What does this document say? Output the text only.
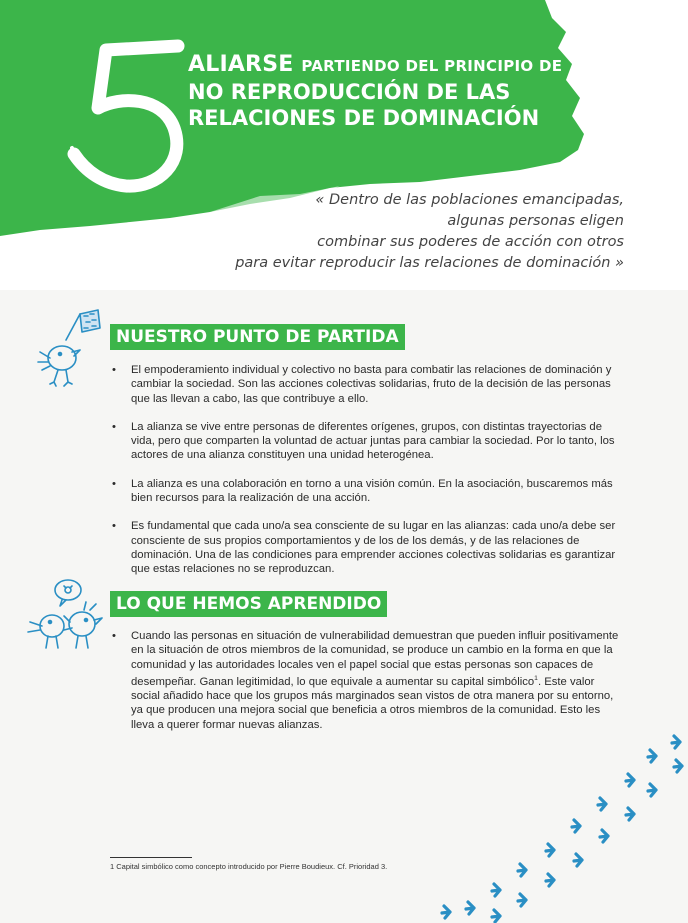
ALIARSE PARTIENDO DEL PRINCIPIO DE
NO REPRODUCCIÓN DE LAS
RELACIONES DE DOMINACIÓN
« Dentro de las poblaciones emancipadas,
algunas personas eligen
combinar sus poderes de acción con otros
para evitar reproducir las relaciones de dominación »
NUESTRO PUNTO DE PARTIDA
• El empoderamiento individual y colectivo no basta para combatir las relaciones de dominación y cambiar la sociedad. Son las acciones colectivas solidarias, fruto de la decisión de las personas que las llevan a cabo, las que contribuye a ello.
• La alianza se vive entre personas de diferentes orígenes, grupos, con distintas trayectorias de vida, pero que comparten la voluntad de actuar juntas para cambiar la sociedad. Por lo tanto, los actores de una alianza constituyen una unidad heterogénea.
• La alianza es una colaboración en torno a una visión común. En la asociación, buscaremos más bien recursos para la realización de una acción.
• Es fundamental que cada uno/a sea consciente de su lugar en las alianzas: cada uno/a debe ser consciente de sus propios comportamientos y de los de los demás, y de las relaciones de dominación. Una de las condiciones para emprender acciones colectivas solidarias es garantizar que estas relaciones no se reproduzcan.
LO QUE HEMOS APRENDIDO
• Cuando las personas en situación de vulnerabilidad demuestran que pueden influir positivamente en la situación de otros miembros de la comunidad, se produce un cambio en la forma en que la comunidad y las autoridades locales ven el papel social que estas personas son capaces de desempeñar. Ganan legitimidad, lo que equivale a aumentar su capital simbólico$^1$. Este valor social añadido hace que los grupos más marginados sean vistos de otra manera por su entorno, ya que producen una mejora social que beneficia a otros miembros de la comunidad. Esto les lleva a querer formar nuevas alianzas.
1 Capital simbólico como concepto introducido por Pierre Boudieux. Cf. Prioridad 3.
